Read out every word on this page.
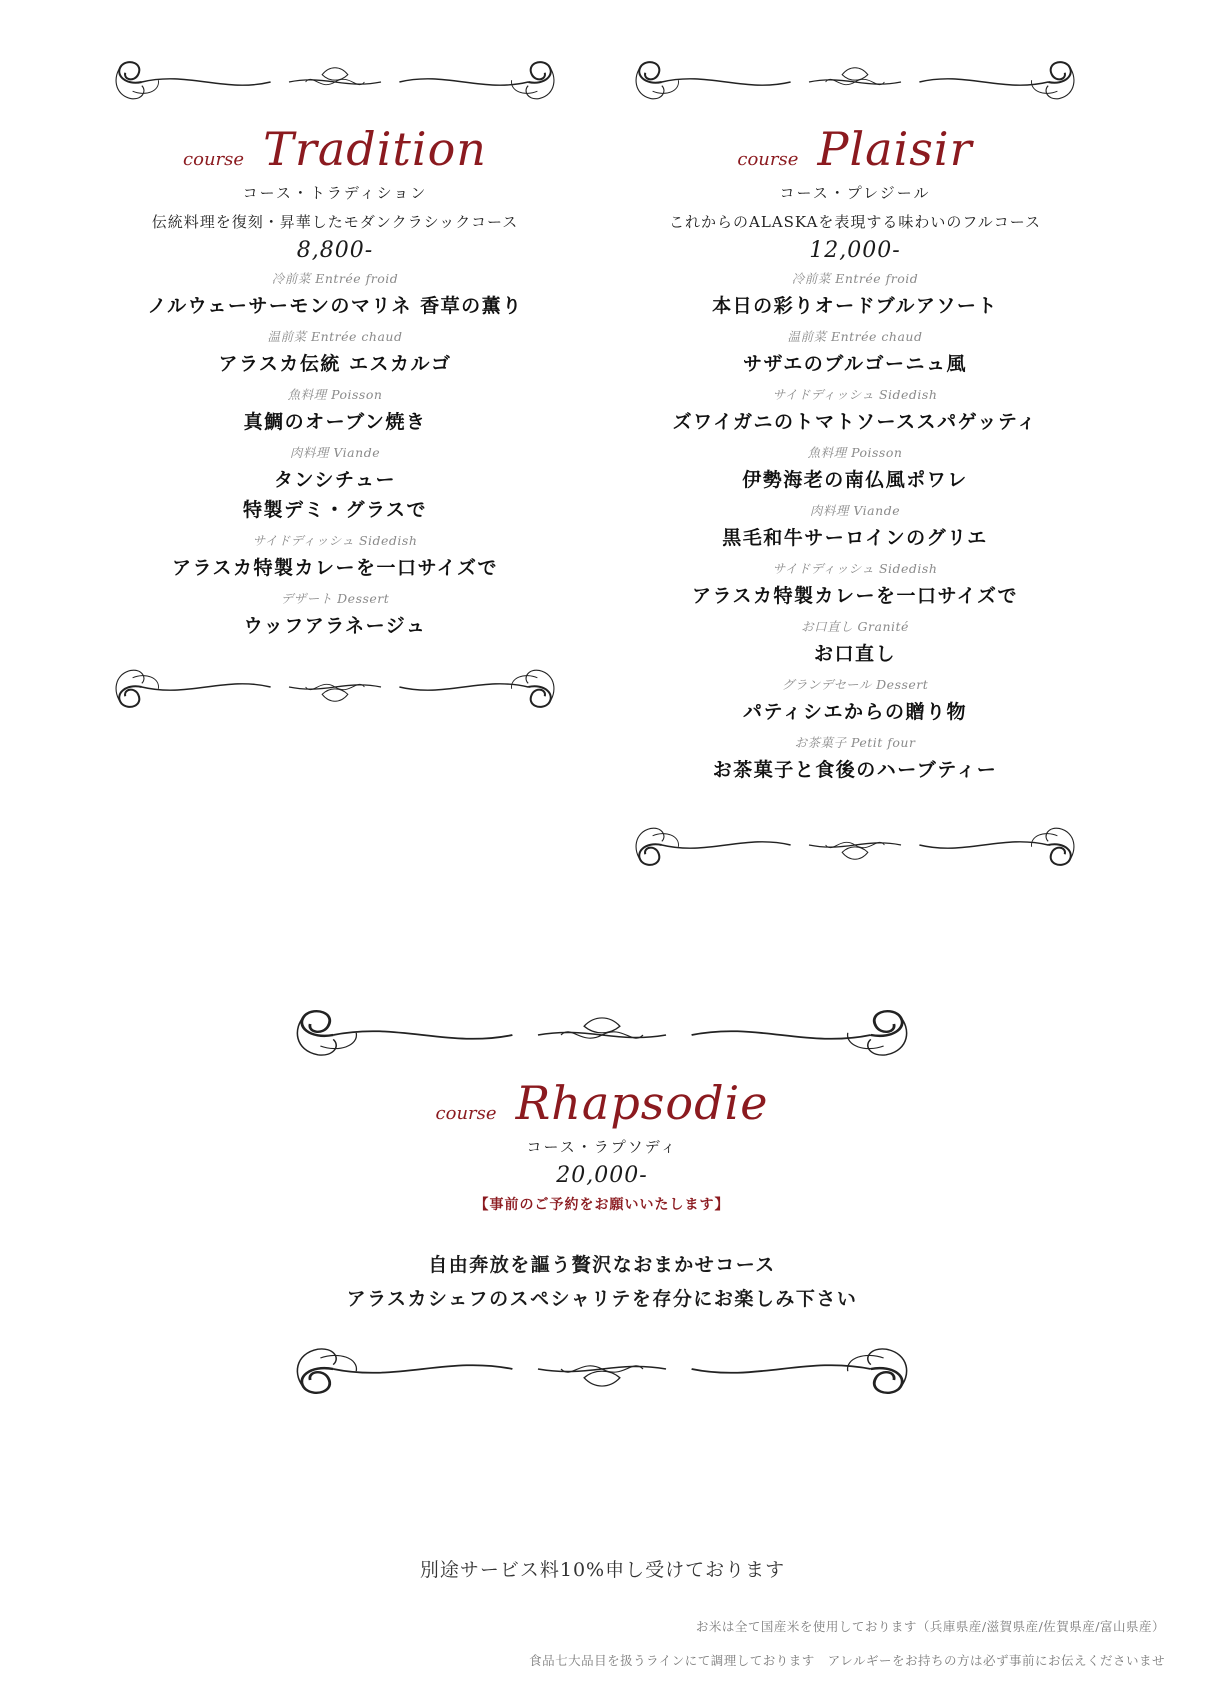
course Tradition
コース・トラディション
伝統料理を復刻・昇華したモダンクラシックコース
8,800-
冷前菜 Entrée froid
ノルウェーサーモンのマリネ 香草の薫り
温前菜 Entrée chaud
アラスカ伝統 エスカルゴ
魚料理 Poisson
真鯛のオーブン焼き
肉料理 Viande
タンシチュー
特製デミ・グラスで
サイドディッシュ Sidedish
アラスカ特製カレーを一口サイズで
デザート Dessert
ウッフアラネージュ
course Plaisir
コース・プレジール
これからのALASKAを表現する味わいのフルコース
12,000-
冷前菜 Entrée froid
本日の彩りオードブルアソート
温前菜 Entrée chaud
サザエのブルゴーニュ風
サイドディッシュ Sidedish
ズワイガニのトマトソーススパゲッティ
魚料理 Poisson
伊勢海老の南仏風ポワレ
肉料理 Viande
黒毛和牛サーロインのグリエ
サイドディッシュ Sidedish
アラスカ特製カレーを一口サイズで
お口直し Granité
お口直し
グランデセール Dessert
パティシエからの贈り物
お茶菓子 Petit four
お茶菓子と食後のハーブティー
course Rhapsodie
コース・ラプソディ
20,000-
【事前のご予約をお願いいたします】
自由奔放を謳う贅沢なおまかせコース
アラスカシェフのスペシャリテを存分にお楽しみ下さい
別途サービス料10%申し受けております
お米は全て国産米を使用しております（兵庫県産/滋賀県産/佐賀県産/富山県産）
食品七大品目を扱うラインにて調理しております　アレルギーをお持ちの方は必ず事前にお伝えくださいませ
